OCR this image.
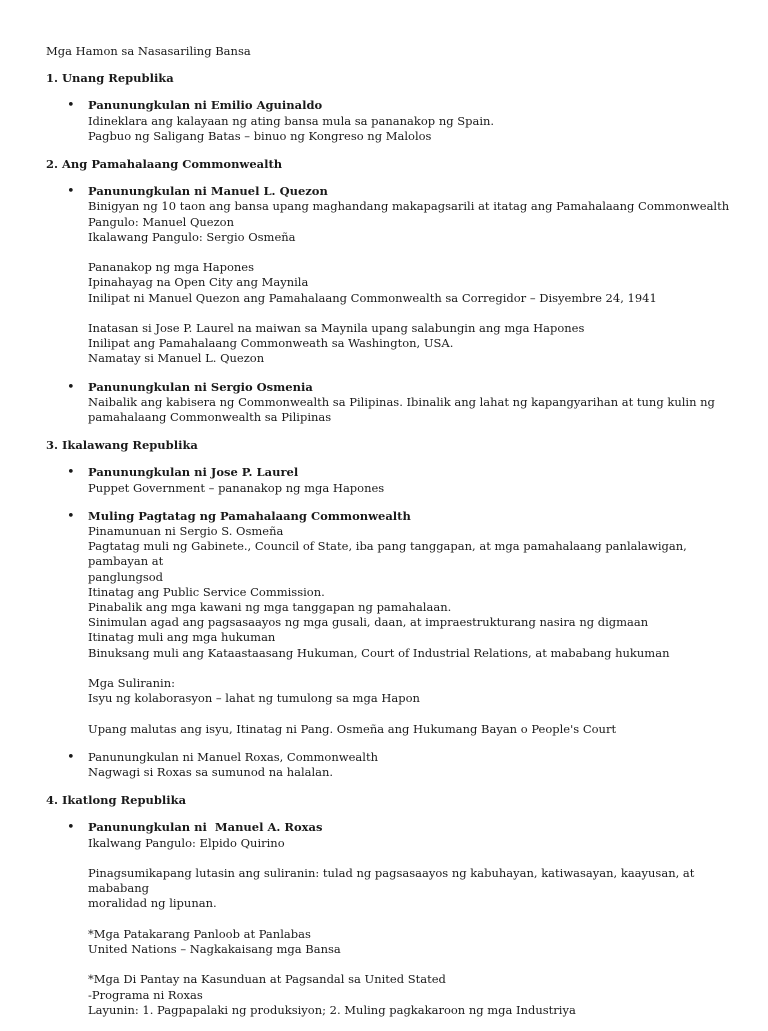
Mga Hamon sa Nasasariling Bansa
1. Unang Republika
• Panunungkulan ni Emilio Aguinaldo
Idineklara ang kalayaan ng ating bansa mula sa pananakop ng Spain.
Pagbuo ng Saligang Batas – binuo ng Kongreso ng Malolos
2. Ang Pamahalaang Commonwealth
• Panunungkulan ni Manuel L. Quezon
Binigyan ng 10 taon ang bansa upang maghandang makapagsarili at itatag ang Pamahalaang Commonwealth
Pangulo: Manuel Quezon
Ikalawang Pangulo: Sergio Osmeña
Pananakop ng mga Hapones
Ipinahayag na Open City ang Maynila
Inilipat ni Manuel Quezon ang Pamahalaang Commonwealth sa Corregidor – Disyembre 24, 1941
Inatasan si Jose P. Laurel na maiwan sa Maynila upang salabungin ang mga Hapones
Inilipat ang Pamahalaang Commonweath sa Washington, USA.
Namatay si Manuel L. Quezon
• Panunungkulan ni Sergio Osmenia
Naibalik ang kabisera ng Commonwealth sa Pilipinas. Ibinalik ang lahat ng kapangyarihan at tung kulin ng
pamahalaang Commonwealth sa Pilipinas
3. Ikalawang Republika
• Panunungkulan ni Jose P. Laurel
Puppet Government – pananakop ng mga Hapones
• Muling Pagtatag ng Pamahalaang Commonwealth
Pinamunuan ni Sergio S. Osmeña
Pagtatag muli ng Gabinete., Council of State, iba pang tanggapan, at mga pamahalaang panlalawigan, pambayan at
panglungsod
Itinatag ang Public Service Commission.
Pinabalik ang mga kawani ng mga tanggapan ng pamahalaan.
Sinimulan agad ang pagsasaayos ng mga gusali, daan, at impraestrukturang nasira ng digmaan
Itinatag muli ang mga hukuman
Binuksang muli ang Kataastaasang Hukuman, Court of Industrial Relations, at mababang hukuman
Mga Suliranin:
Isyu ng kolaborasyon – lahat ng tumulong sa mga Hapon
Upang malutas ang isyu, Itinatag ni Pang. Osmeña ang Hukumang Bayan o People's Court
• Panunungkulan ni Manuel Roxas, Commonwealth
Nagwagi si Roxas sa sumunod na halalan.
4. Ikatlong Republika
• Panunungkulan ni  Manuel A. Roxas
Ikalwang Pangulo: Elpido Quirino
Pinagsumikapang lutasin ang suliranin: tulad ng pagsasaayos ng kabuhayan, katiwasayan, kaayusan, at mababang
moralidad ng lipunan.
*Mga Patakarang Panloob at Panlabas
United Nations – Nagkakaisang mga Bansa
*Mga Di Pantay na Kasunduan at Pagsandal sa United Stated
-Programa ni Roxas
Layunin: 1. Pagpapalaki ng produksiyon; 2. Muling pagkakaroon ng mga Industriya
